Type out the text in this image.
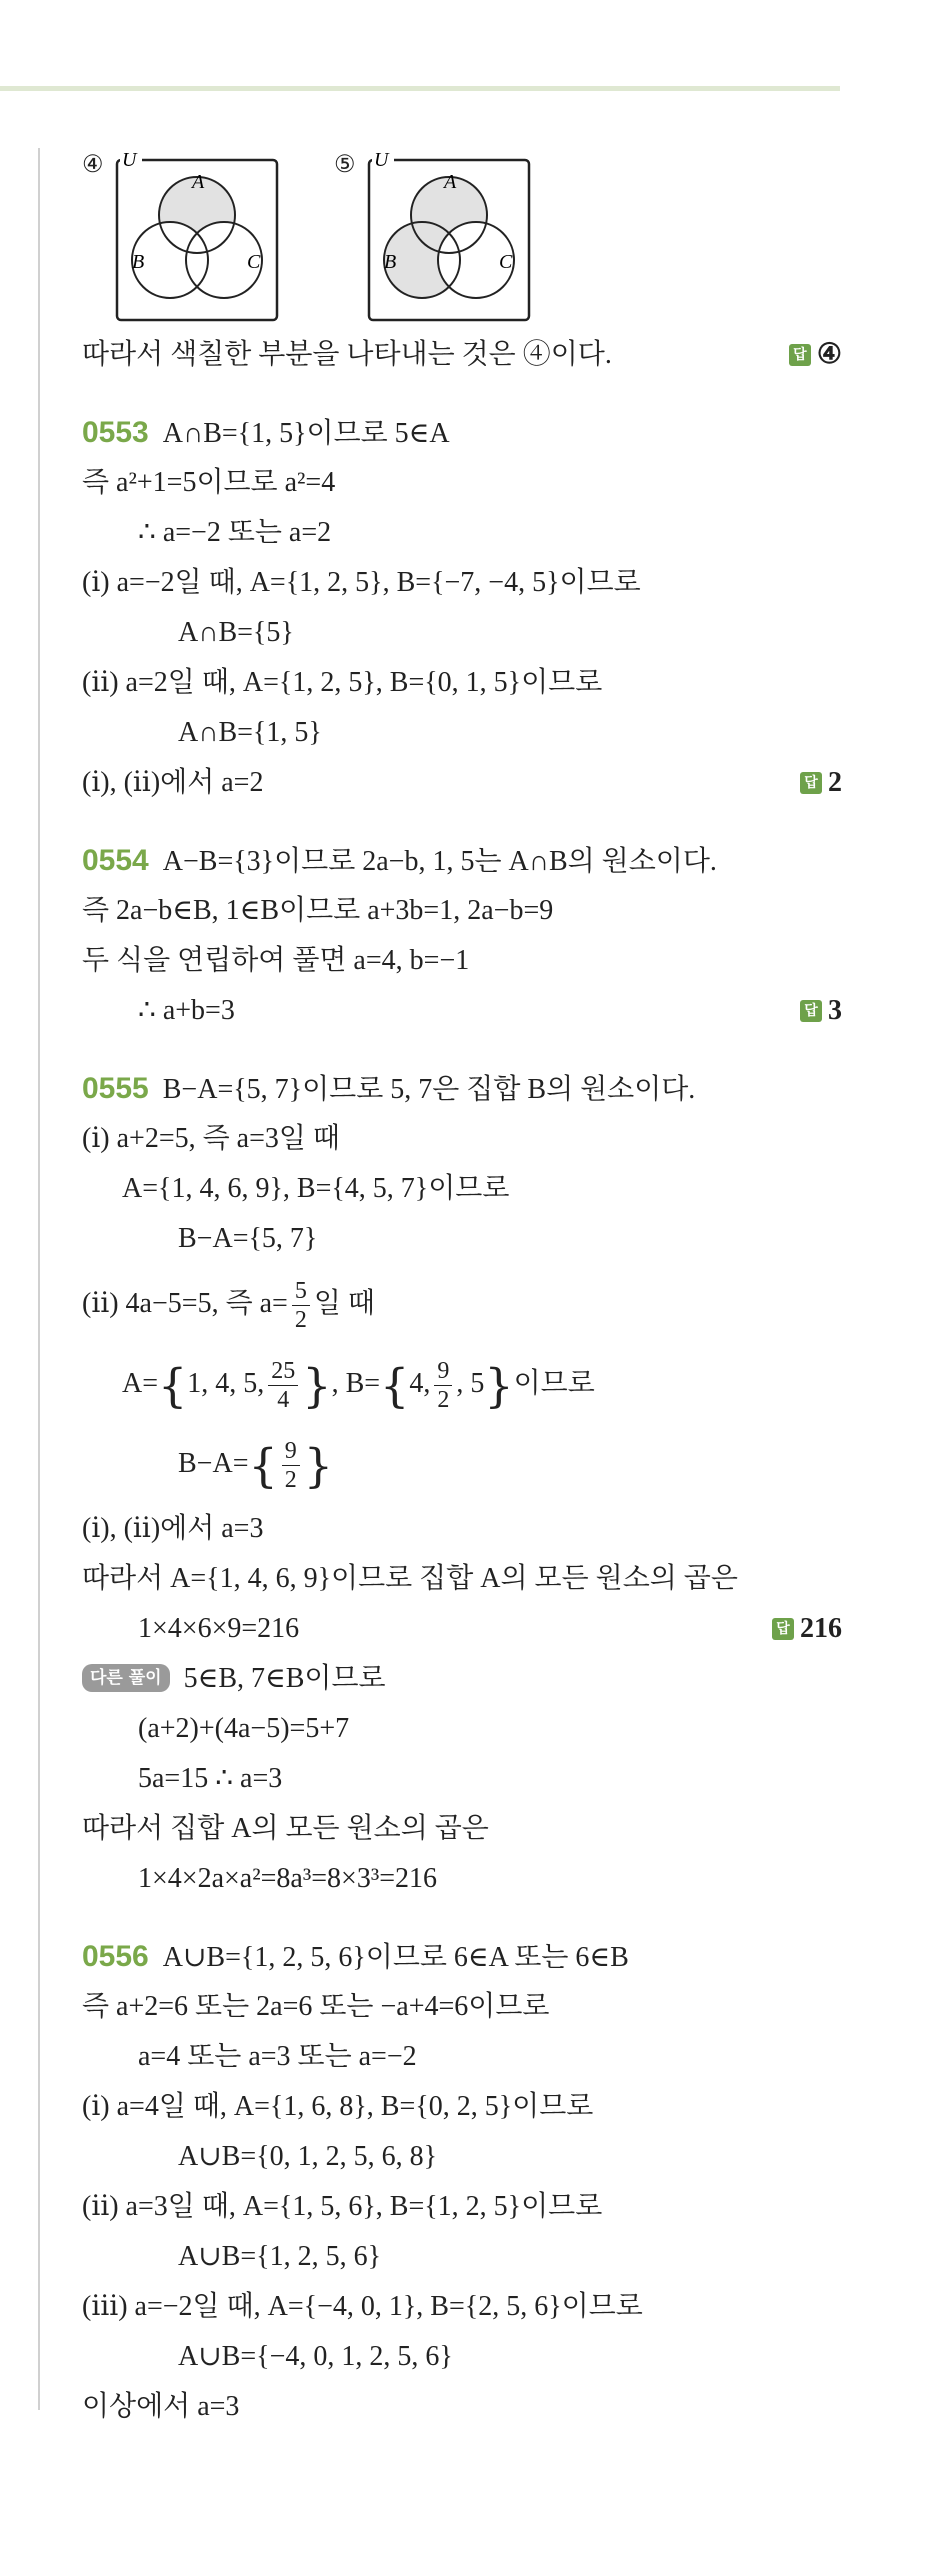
④ U
A
B	C
⑤ U
A
B	C
따라서 색칠한 부분을 나타내는 것은 ④이다.	답 ④
0553 A∩B={1, 5}이므로 5∈A
즉 a²+1=5이므로 a²=4
∴ a=−2 또는 a=2
(ⅰ) a=−2일 때, A={1, 2, 5}, B={−7, −4, 5}이므로
A∩B={5}
(ⅱ) a=2일 때, A={1, 2, 5}, B={0, 1, 5}이므로
A∩B={1, 5}
(ⅰ), (ⅱ)에서 a=2	답 2
0554 A−B={3}이므로 2a−b, 1, 5는 A∩B의 원소이다.
즉 2a−b∈B, 1∈B이므로 a+3b=1, 2a−b=9
두 식을 연립하여 풀면 a=4, b=−1
∴ a+b=3	답 3
0555 B−A={5, 7}이므로 5, 7은 집합 B의 원소이다.
(ⅰ) a+2=5, 즉 a=3일 때
A={1, 4, 6, 9}, B={4, 5, 7}이므로
B−A={5, 7}
(ⅱ) 4a−5=5, 즉 $a= \frac{5}{2}$ 일 때
A={1, 4, 5, $\frac{25}{4}$ }, B={4, $\frac{9}{2}$ , 5}이므로
$B-A=\{ \frac{9}{2}$ }
(ⅰ), (ⅱ)에서 a=3
따라서 A={1, 4, 6, 9}이므로 집합 A의 모든 원소의 곱은
1×4×6×9=216	답 216
다른 풀이 5∈B, 7∈B이므로
(a+2)+(4a−5)=5+7
5a=15 ∴ a=3
따라서 집합 A의 모든 원소의 곱은
1×4×2a×a²=8a³=8×3³=216
0556 A∪B={1, 2, 5, 6}이므로 6∈A 또는 6∈B
즉 a+2=6 또는 2a=6 또는 −a+4=6이므로
a=4 또는 a=3 또는 a=−2
(ⅰ) a=4일 때, A={1, 6, 8}, B={0, 2, 5}이므로
A∪B={0, 1, 2, 5, 6, 8}
(ⅱ) a=3일 때, A={1, 5, 6}, B={1, 2, 5}이므로
A∪B={1, 2, 5, 6}
(ⅲ) a=−2일 때, A={−4, 0, 1}, B={2, 5, 6}이므로
A∪B={−4, 0, 1, 2, 5, 6}
이상에서 a=3
